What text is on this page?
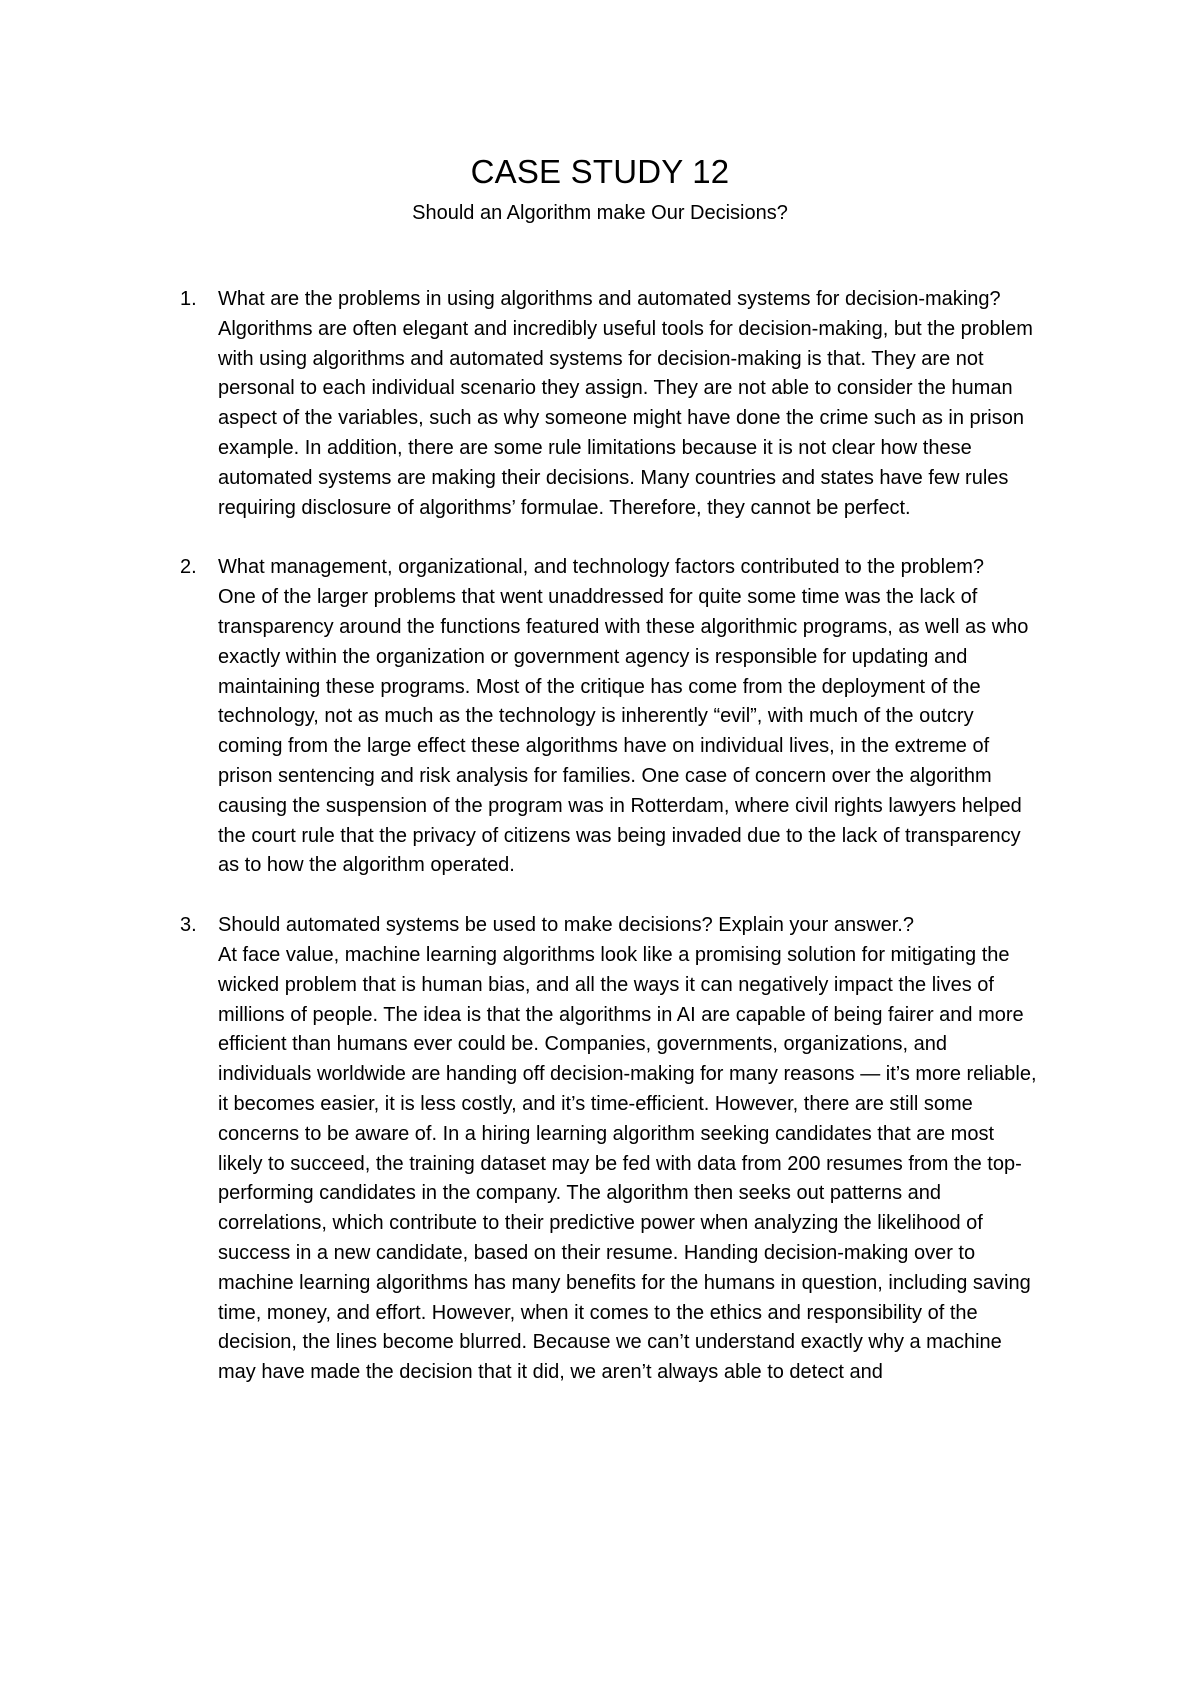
CASE STUDY 12
Should an Algorithm make Our Decisions?
1.	What are the problems in using algorithms and automated systems for decision-making?
Algorithms are often elegant and incredibly useful tools for decision-making, but the problem with using algorithms and automated systems for decision-making is that. They are not personal to each individual scenario they assign. They are not able to consider the human aspect of the variables, such as why someone might have done the crime such as in prison example. In addition, there are some rule limitations because it is not clear how these automated systems are making their decisions. Many countries and states have few rules requiring disclosure of algorithms’ formulae. Therefore, they cannot be perfect.
2.	What management, organizational, and technology factors contributed to the problem?
One of the larger problems that went unaddressed for quite some time was the lack of transparency around the functions featured with these algorithmic programs, as well as who exactly within the organization or government agency is responsible for updating and maintaining these programs. Most of the critique has come from the deployment of the technology, not as much as the technology is inherently “evil”, with much of the outcry coming from the large effect these algorithms have on individual lives, in the extreme of prison sentencing and risk analysis for families. One case of concern over the algorithm causing the suspension of the program was in Rotterdam, where civil rights lawyers helped the court rule that the privacy of citizens was being invaded due to the lack of transparency as to how the algorithm operated.
3.	Should automated systems be used to make decisions? Explain your answer.?
At face value, machine learning algorithms look like a promising solution for mitigating the wicked problem that is human bias, and all the ways it can negatively impact the lives of millions of people. The idea is that the algorithms in AI are capable of being fairer and more efficient than humans ever could be. Companies, governments, organizations, and individuals worldwide are handing off decision-making for many reasons — it’s more reliable, it becomes easier, it is less costly, and it’s time-efficient. However, there are still some concerns to be aware of. In a hiring learning algorithm seeking candidates that are most likely to succeed, the training dataset may be fed with data from 200 resumes from the top-performing candidates in the company. The algorithm then seeks out patterns and correlations, which contribute to their predictive power when analyzing the likelihood of success in a new candidate, based on their resume. Handing decision-making over to machine learning algorithms has many benefits for the humans in question, including saving time, money, and effort. However, when it comes to the ethics and responsibility of the decision, the lines become blurred. Because we can’t understand exactly why a machine may have made the decision that it did, we aren’t always able to detect and
